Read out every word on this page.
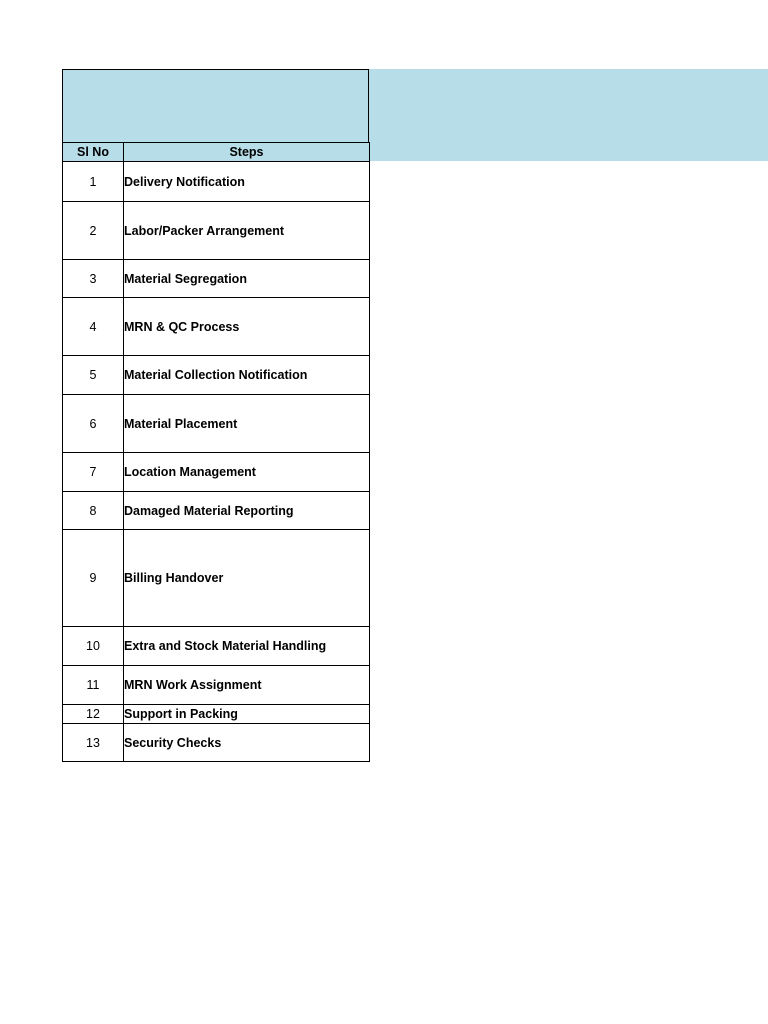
Sl No	Steps
1	Delivery Notification
2	Labor/Packer Arrangement
3	Material Segregation
4	MRN & QC Process
5	Material Collection Notification
6	Material Placement
7	Location Management
8	Damaged Material Reporting
9	Billing Handover
10	Extra and Stock Material Handling
11	MRN Work Assignment
12	Support in Packing
13	Security Checks
